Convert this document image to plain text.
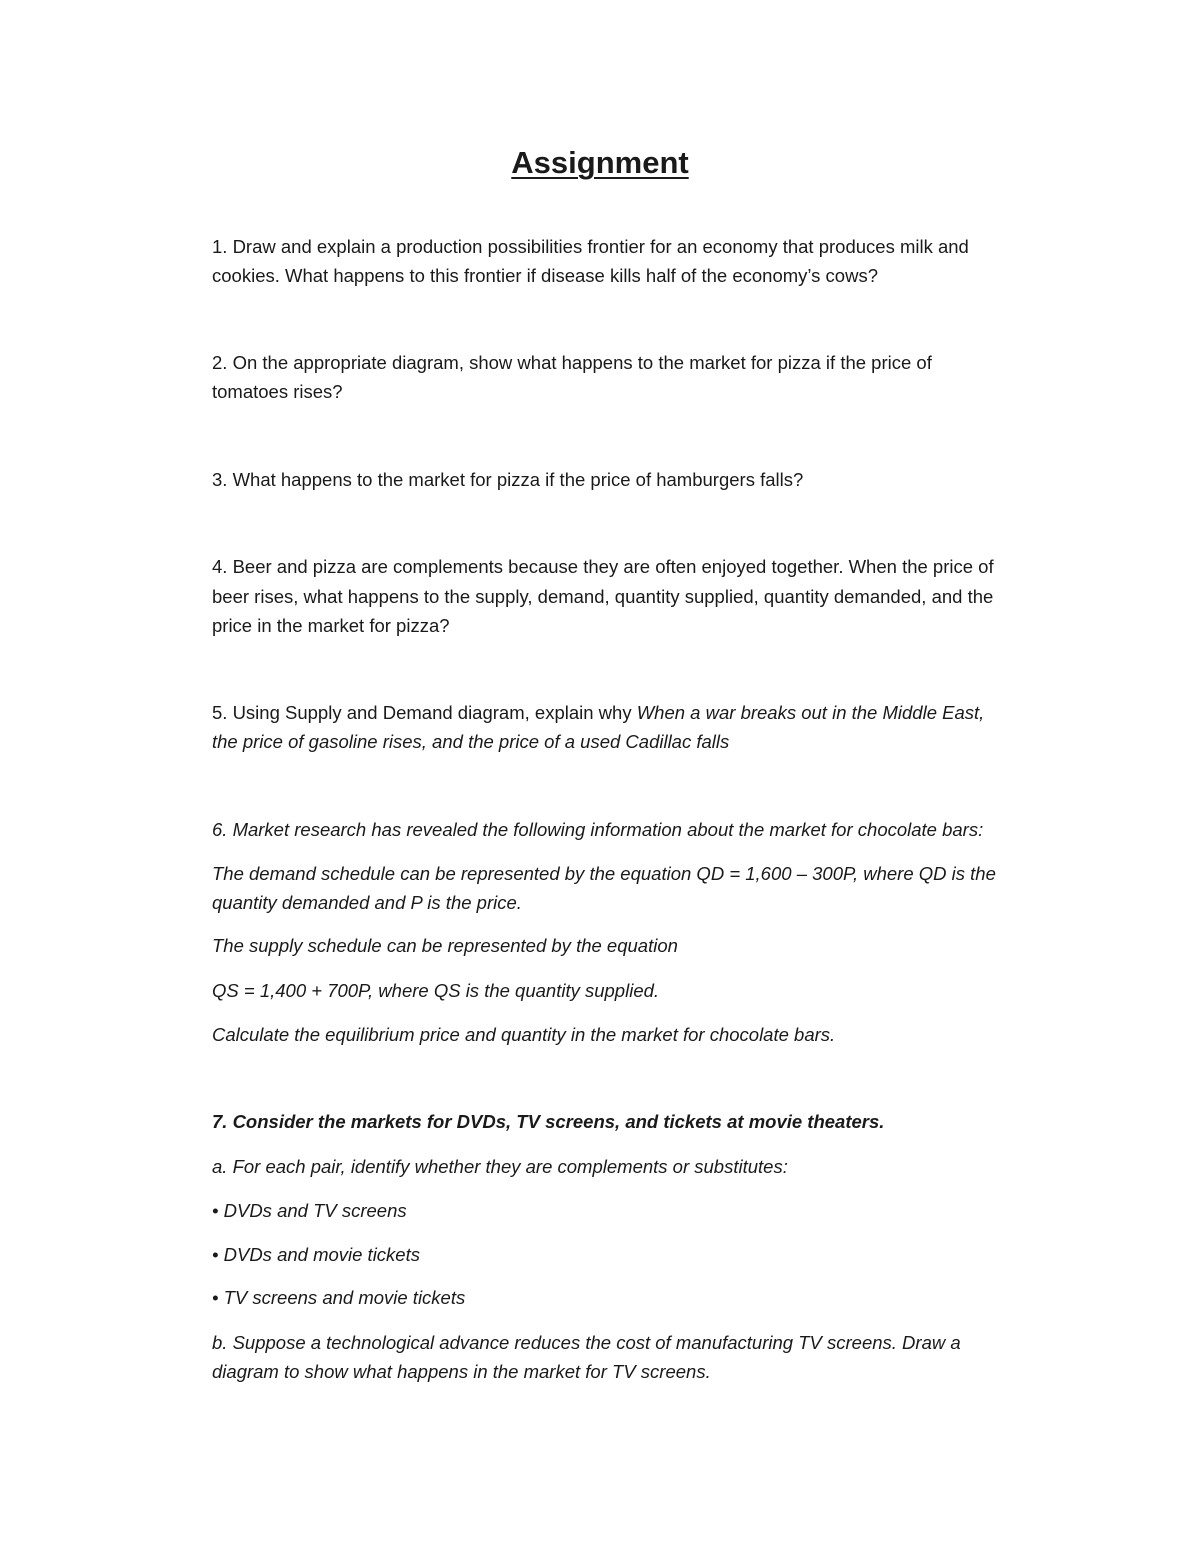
Assignment
1. Draw and explain a production possibilities frontier for an economy that produces milk and
cookies. What happens to this frontier if disease kills half of the economy’s cows?
2. On the appropriate diagram, show what happens to the market for pizza if the price of
tomatoes rises?
3. What happens to the market for pizza if the price of hamburgers falls?
4. Beer and pizza are complements because they are often enjoyed together. When the price of
beer rises, what happens to the supply, demand, quantity supplied, quantity demanded, and the
price in the market for pizza?
5. Using Supply and Demand diagram, explain why When a war breaks out in the Middle East,
the price of gasoline rises, and the price of a used Cadillac falls
6. Market research has revealed the following information about the market for chocolate bars:
The demand schedule can be represented by the equation QD = 1,600 – 300P, where QD is the
quantity demanded and P is the price.
The supply schedule can be represented by the equation
QS = 1,400 + 700P, where QS is the quantity supplied.
Calculate the equilibrium price and quantity in the market for chocolate bars.
7. Consider the markets for DVDs, TV screens, and tickets at movie theaters.
a. For each pair, identify whether they are complements or substitutes:
• DVDs and TV screens
• DVDs and movie tickets
• TV screens and movie tickets
b. Suppose a technological advance reduces the cost of manufacturing TV screens. Draw a
diagram to show what happens in the market for TV screens.
